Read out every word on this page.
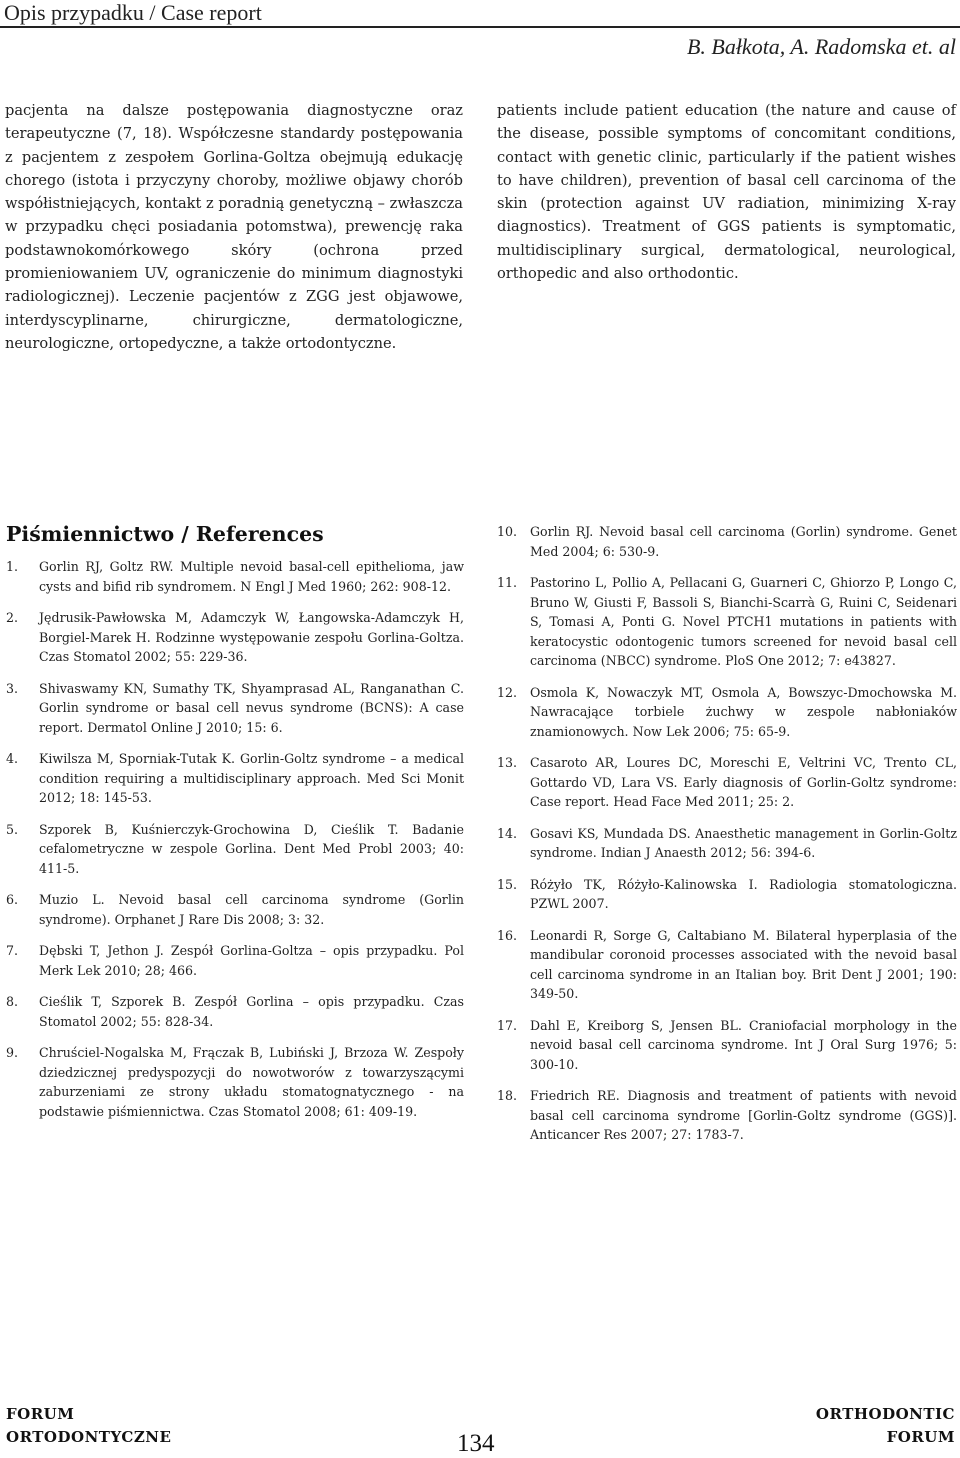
Opis przypadku / Case report
B. Bałkota, A. Radomska et. al

pacjenta na dalsze postępowania diagnostyczne oraz terapeutyczne (7, 18). Współczesne standardy postępowania z pacjentem z zespołem Gorlina-Goltza obejmują edukację chorego (istota i przyczyny choroby, możliwe objawy chorób współistniejących, kontakt z poradnią genetyczną – zwłaszcza w przypadku chęci posiadania potomstwa), prewencję raka podstawnokomórkowego skóry (ochrona przed promieniowaniem UV, ograniczenie do minimum diagnostyki radiologicznej). Leczenie pacjentów z ZGG jest objawowe, interdyscyplinarne, chirurgiczne, dermatologiczne, neurologiczne, ortopedyczne, a także ortodontyczne.

patients include patient education (the nature and cause of the disease, possible symptoms of concomitant conditions, contact with genetic clinic, particularly if the patient wishes to have children), prevention of basal cell carcinoma of the skin (protection against UV radiation, minimizing X-ray diagnostics). Treatment of GGS patients is symptomatic, multidisciplinary surgical, dermatological, neurological, orthopedic and also orthodontic.

Piśmiennictwo / References
1. Gorlin RJ, Goltz RW. Multiple nevoid basal-cell epithelioma, jaw cysts and bifid rib syndromem. N Engl J Med 1960; 262: 908-12.
2. Jędrusik-Pawłowska M, Adamczyk W, Łangowska-Adamczyk H, Borgiel-Marek H. Rodzinne występowanie zespołu Gorlina-Goltza. Czas Stomatol 2002; 55: 229-36.
3. Shivaswamy KN, Sumathy TK, Shyamprasad AL, Ranganathan C. Gorlin syndrome or basal cell nevus syndrome (BCNS): A case report. Dermatol Online J 2010; 15: 6.
4. Kiwilsza M, Sporniak-Tutak K. Gorlin-Goltz syndrome – a medical condition requiring a multidisciplinary approach. Med Sci Monit 2012; 18: 145-53.
5. Szporek B, Kuśnierczyk-Grochowina D, Cieślik T. Badanie cefalometryczne w zespole Gorlina. Dent Med Probl 2003; 40: 411-5.
6. Muzio L. Nevoid basal cell carcinoma syndrome (Gorlin syndrome). Orphanet J Rare Dis 2008; 3: 32.
7. Dębski T, Jethon J. Zespół Gorlina-Goltza – opis przypadku. Pol Merk Lek 2010; 28; 466.
8. Cieślik T, Szporek B. Zespół Gorlina – opis przypadku. Czas Stomatol 2002; 55: 828-34.
9. Chruściel-Nogalska M, Frączak B, Lubiński J, Brzoza W. Zespoły dziedzicznej predyspozycji do nowotworów z towarzyszącymi zaburzeniami ze strony układu stomatognatycznego - na podstawie piśmiennictwa. Czas Stomatol 2008; 61: 409-19.
10. Gorlin RJ. Nevoid basal cell carcinoma (Gorlin) syndrome. Genet Med 2004; 6: 530-9.
11. Pastorino L, Pollio A, Pellacani G, Guarneri C, Ghiorzo P, Longo C, Bruno W, Giusti F, Bassoli S, Bianchi-Scarrà G, Ruini C, Seidenari S, Tomasi A, Ponti G. Novel PTCH1 mutations in patients with keratocystic odontogenic tumors screened for nevoid basal cell carcinoma (NBCC) syndrome. PloS One 2012; 7: e43827.
12. Osmola K, Nowaczyk MT, Osmola A, Bowszyc-Dmochowska M. Nawracające torbiele żuchwy w zespole nabłoniaków znamionowych. Now Lek 2006; 75: 65-9.
13. Casaroto AR, Loures DC, Moreschi E, Veltrini VC, Trento CL, Gottardo VD, Lara VS. Early diagnosis of Gorlin-Goltz syndrome: Case report. Head Face Med 2011; 25: 2.
14. Gosavi KS, Mundada DS. Anaesthetic management in Gorlin-Goltz syndrome. Indian J Anaesth 2012; 56: 394-6.
15. Różyło TK, Różyło-Kalinowska I. Radiologia stomatologiczna. PZWL 2007.
16. Leonardi R, Sorge G, Caltabiano M. Bilateral hyperplasia of the mandibular coronoid processes associated with the nevoid basal cell carcinoma syndrome in an Italian boy. Brit Dent J 2001; 190: 349-50.
17. Dahl E, Kreiborg S, Jensen BL. Craniofacial morphology in the nevoid basal cell carcinoma syndrome. Int J Oral Surg 1976; 5: 300-10.
18. Friedrich RE. Diagnosis and treatment of patients with nevoid basal cell carcinoma syndrome [Gorlin-Goltz syndrome (GGS)]. Anticancer Res 2007; 27: 1783-7.
FORUM
ORTODONTYCZNE	134
ORTHODONTIC
FORUM
